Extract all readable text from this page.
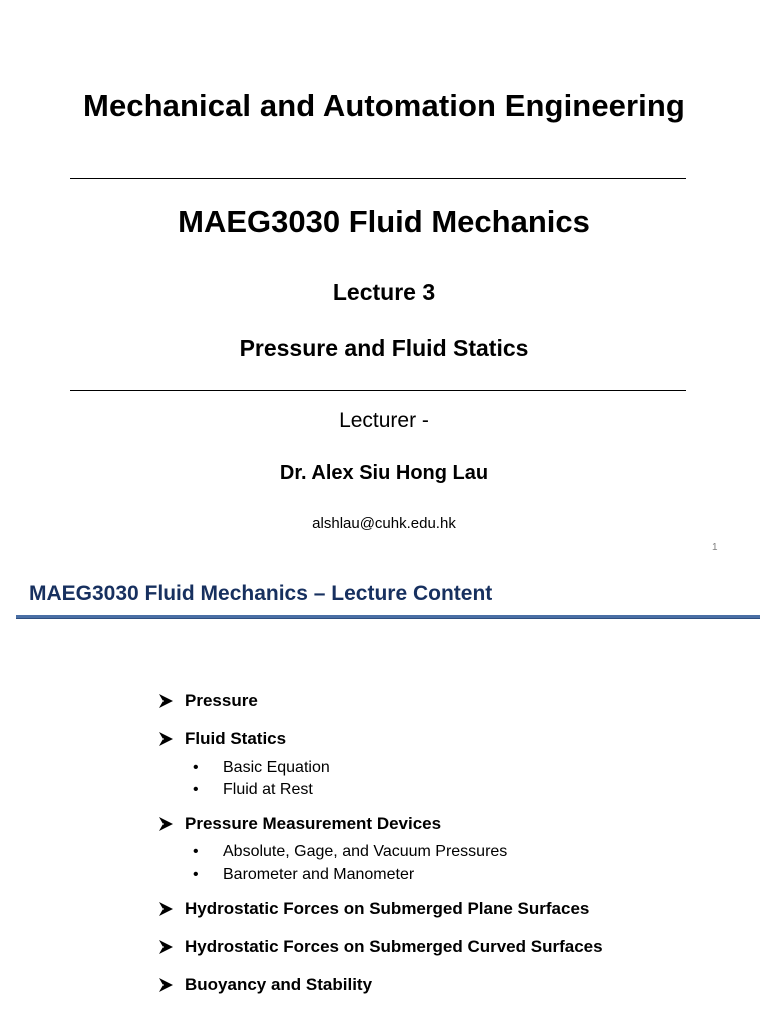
Mechanical and Automation Engineering
MAEG3030 Fluid Mechanics
Lecture 3
Pressure and Fluid Statics
Lecturer -
Dr. Alex Siu Hong Lau
alshlau@cuhk.edu.hk
1
MAEG3030 Fluid Mechanics – Lecture Content
Pressure
Fluid Statics
•	Basic Equation
•	Fluid at Rest
Pressure Measurement Devices
•	Absolute, Gage, and Vacuum Pressures
•	Barometer and Manometer
Hydrostatic Forces on Submerged Plane Surfaces
Hydrostatic Forces on Submerged Curved Surfaces
Buoyancy and Stability
